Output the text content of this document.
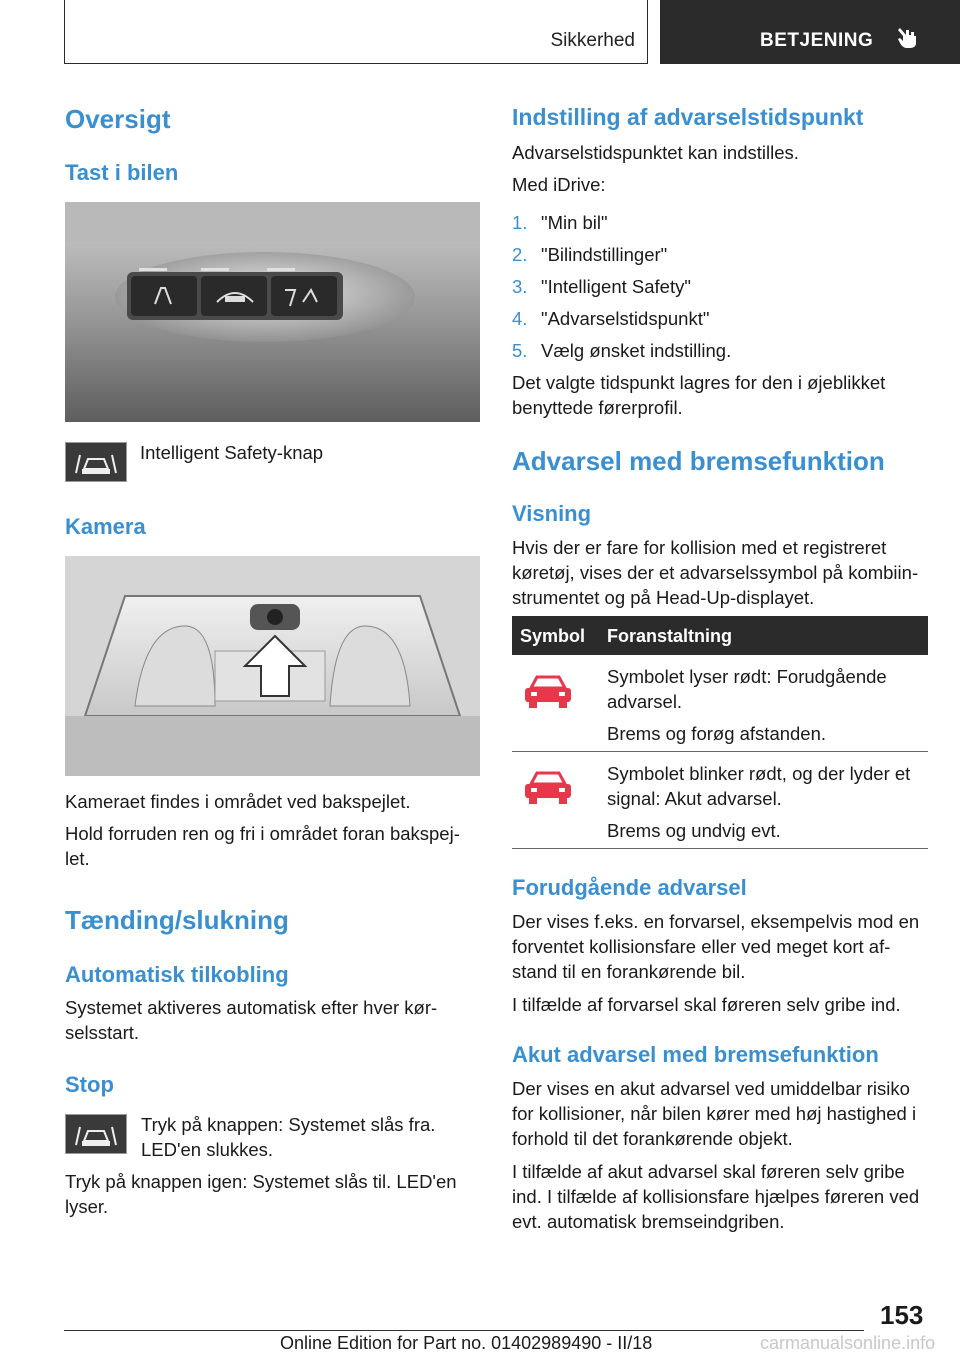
Sikkerhed	BETJENING
Oversigt
Tast i bilen

Intelligent Safety-knap

Kamera

Kameraet findes i området ved bakspejlet.

Hold forruden ren og fri i området foran bakspej-
let.

Tænding/slukning
Automatisk tilkobling

Systemet aktiveres automatisk efter hver kør-
selsstart.

Stop

Tryk på knappen: Systemet slås fra.
LED'en slukkes.

Tryk på knappen igen: Systemet slås til. LED'en
lyser.

Indstilling af advarselstidspunkt

Advarselstidspunktet kan indstilles.

Med iDrive:

1. "Min bil"
2. "Bilindstillinger"
3. "Intelligent Safety"
4. "Advarselstidspunkt"
5. Vælg ønsket indstilling.

Det valgte tidspunkt lagres for den i øjeblikket
benyttede førerprofil.

Advarsel med bremsefunktion
Visning

Hvis der er fare for kollision med et registreret
køretøj, vises der et advarselssymbol på kombiin-
strumentet og på Head-Up-displayet.

Symbol Foranstaltning

Symbolet lyser rødt: Forudgående
advarsel.

Brems og forøg afstanden.

Symbolet blinker rødt, og der lyder et
signal: Akut advarsel.

Brems og undvig evt.

Forudgående advarsel

Der vises f.eks. en forvarsel, eksempelvis mod en
forventet kollisionsfare eller ved meget kort af-
stand til en forankørende bil.

I tilfælde af forvarsel skal føreren selv gribe ind.

Akut advarsel med bremsefunktion

Der vises en akut advarsel ved umiddelbar risiko
for kollisioner, når bilen kører med høj hastighed i
forhold til det forankørende objekt.

I tilfælde af akut advarsel skal føreren selv gribe
ind. I tilfælde af kollisionsfare hjælpes føreren ved
evt. automatisk bremseindgriben.

153
Online Edition for Part no. 01402989490 - II/18	carmanualsonline.info
